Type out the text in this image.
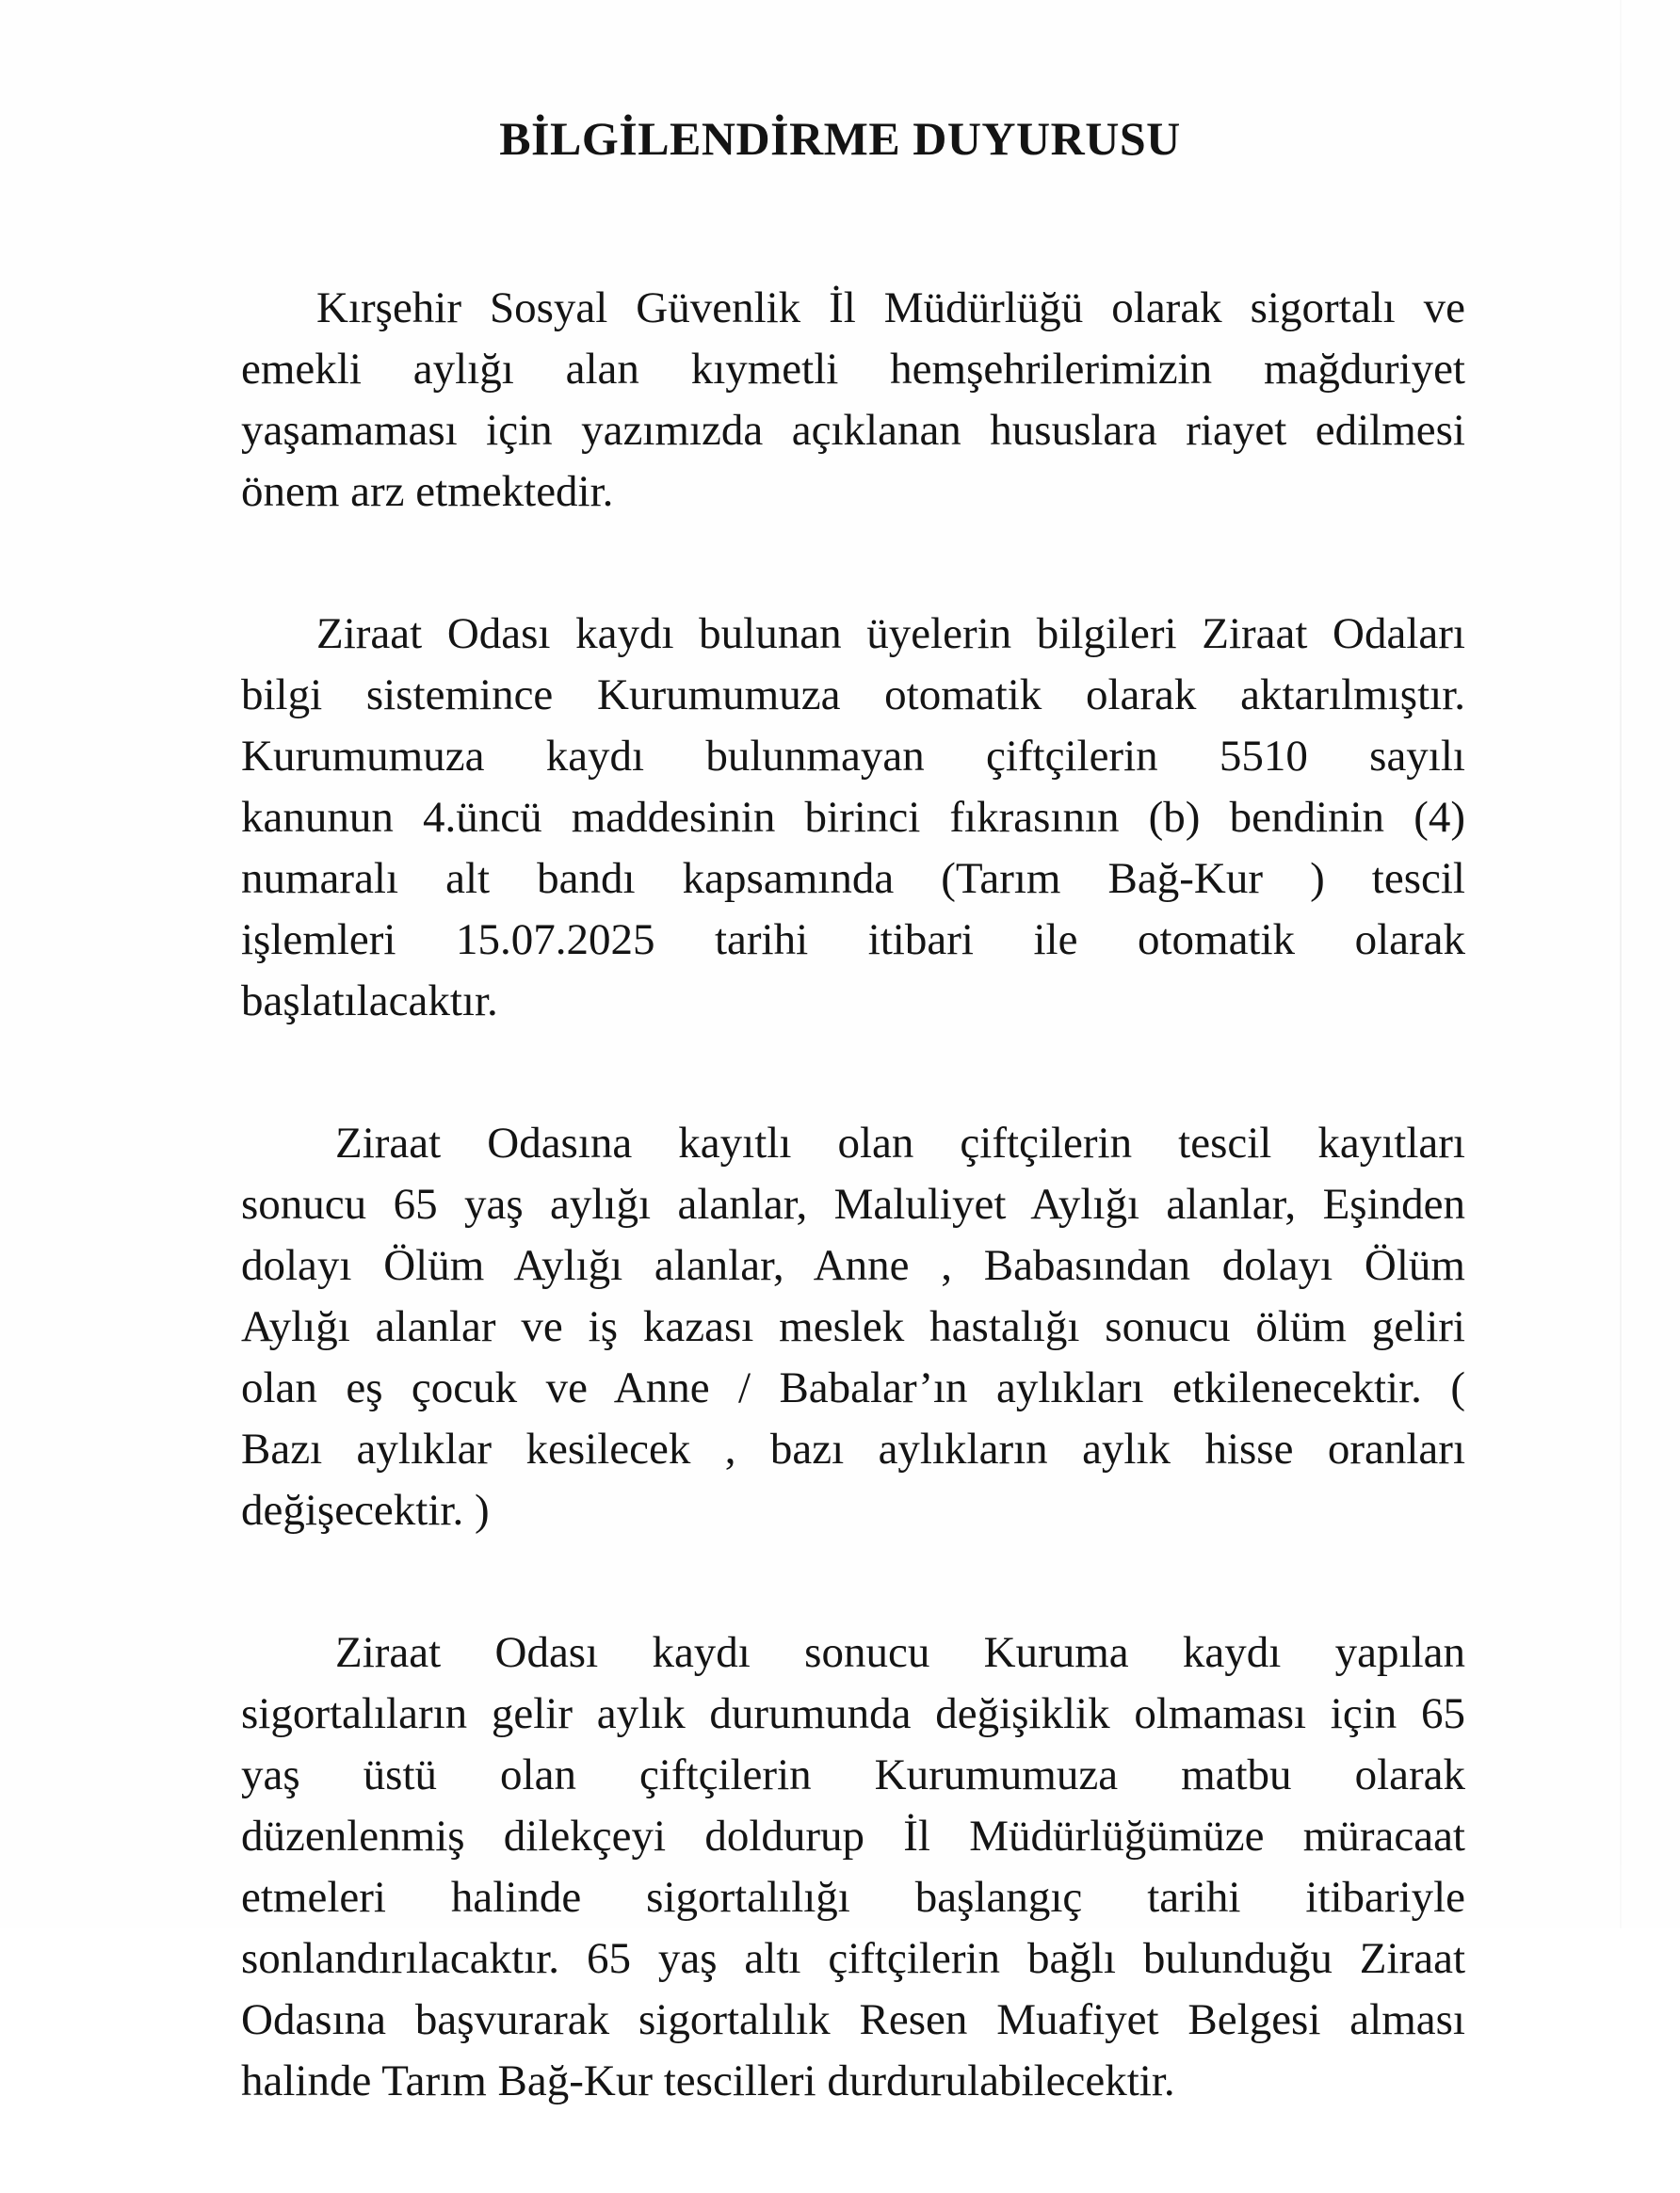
BİLGİLENDİRME DUYURUSU
Kırşehir Sosyal Güvenlik İl Müdürlüğü olarak sigortalı ve
emekli aylığı alan kıymetli hemşehrilerimizin mağduriyet
yaşamaması için yazımızda açıklanan hususlara riayet edilmesi
önem arz etmektedir.
Ziraat Odası kaydı bulunan üyelerin bilgileri Ziraat Odaları
bilgi sistemince Kurumumuza otomatik olarak aktarılmıştır.
Kurumumuza kaydı bulunmayan çiftçilerin 5510 sayılı
kanunun 4.üncü maddesinin birinci fıkrasının (b) bendinin (4)
numaralı alt bandı kapsamında (Tarım Bağ-Kur ) tescil
işlemleri 15.07.2025 tarihi itibari ile otomatik olarak
başlatılacaktır.
Ziraat Odasına kayıtlı olan çiftçilerin tescil kayıtları
sonucu 65 yaş aylığı alanlar, Maluliyet Aylığı alanlar, Eşinden
dolayı Ölüm Aylığı alanlar, Anne , Babasından dolayı Ölüm
Aylığı alanlar ve iş kazası meslek hastalığı sonucu ölüm geliri
olan eş çocuk ve Anne / Babalar’ın aylıkları etkilenecektir. (
Bazı aylıklar kesilecek , bazı aylıkların aylık hisse oranları
değişecektir. )
Ziraat Odası kaydı sonucu Kuruma kaydı yapılan
sigortalıların gelir aylık durumunda değişiklik olmaması için 65
yaş üstü olan çiftçilerin Kurumumuza matbu olarak
düzenlenmiş dilekçeyi doldurup İl Müdürlüğümüze müracaat
etmeleri halinde sigortalılığı başlangıç tarihi itibariyle
sonlandırılacaktır. 65 yaş altı çiftçilerin bağlı bulunduğu Ziraat
Odasına başvurarak sigortalılık Resen Muafiyet Belgesi alması
halinde Tarım Bağ-Kur tescilleri durdurulabilecektir.
